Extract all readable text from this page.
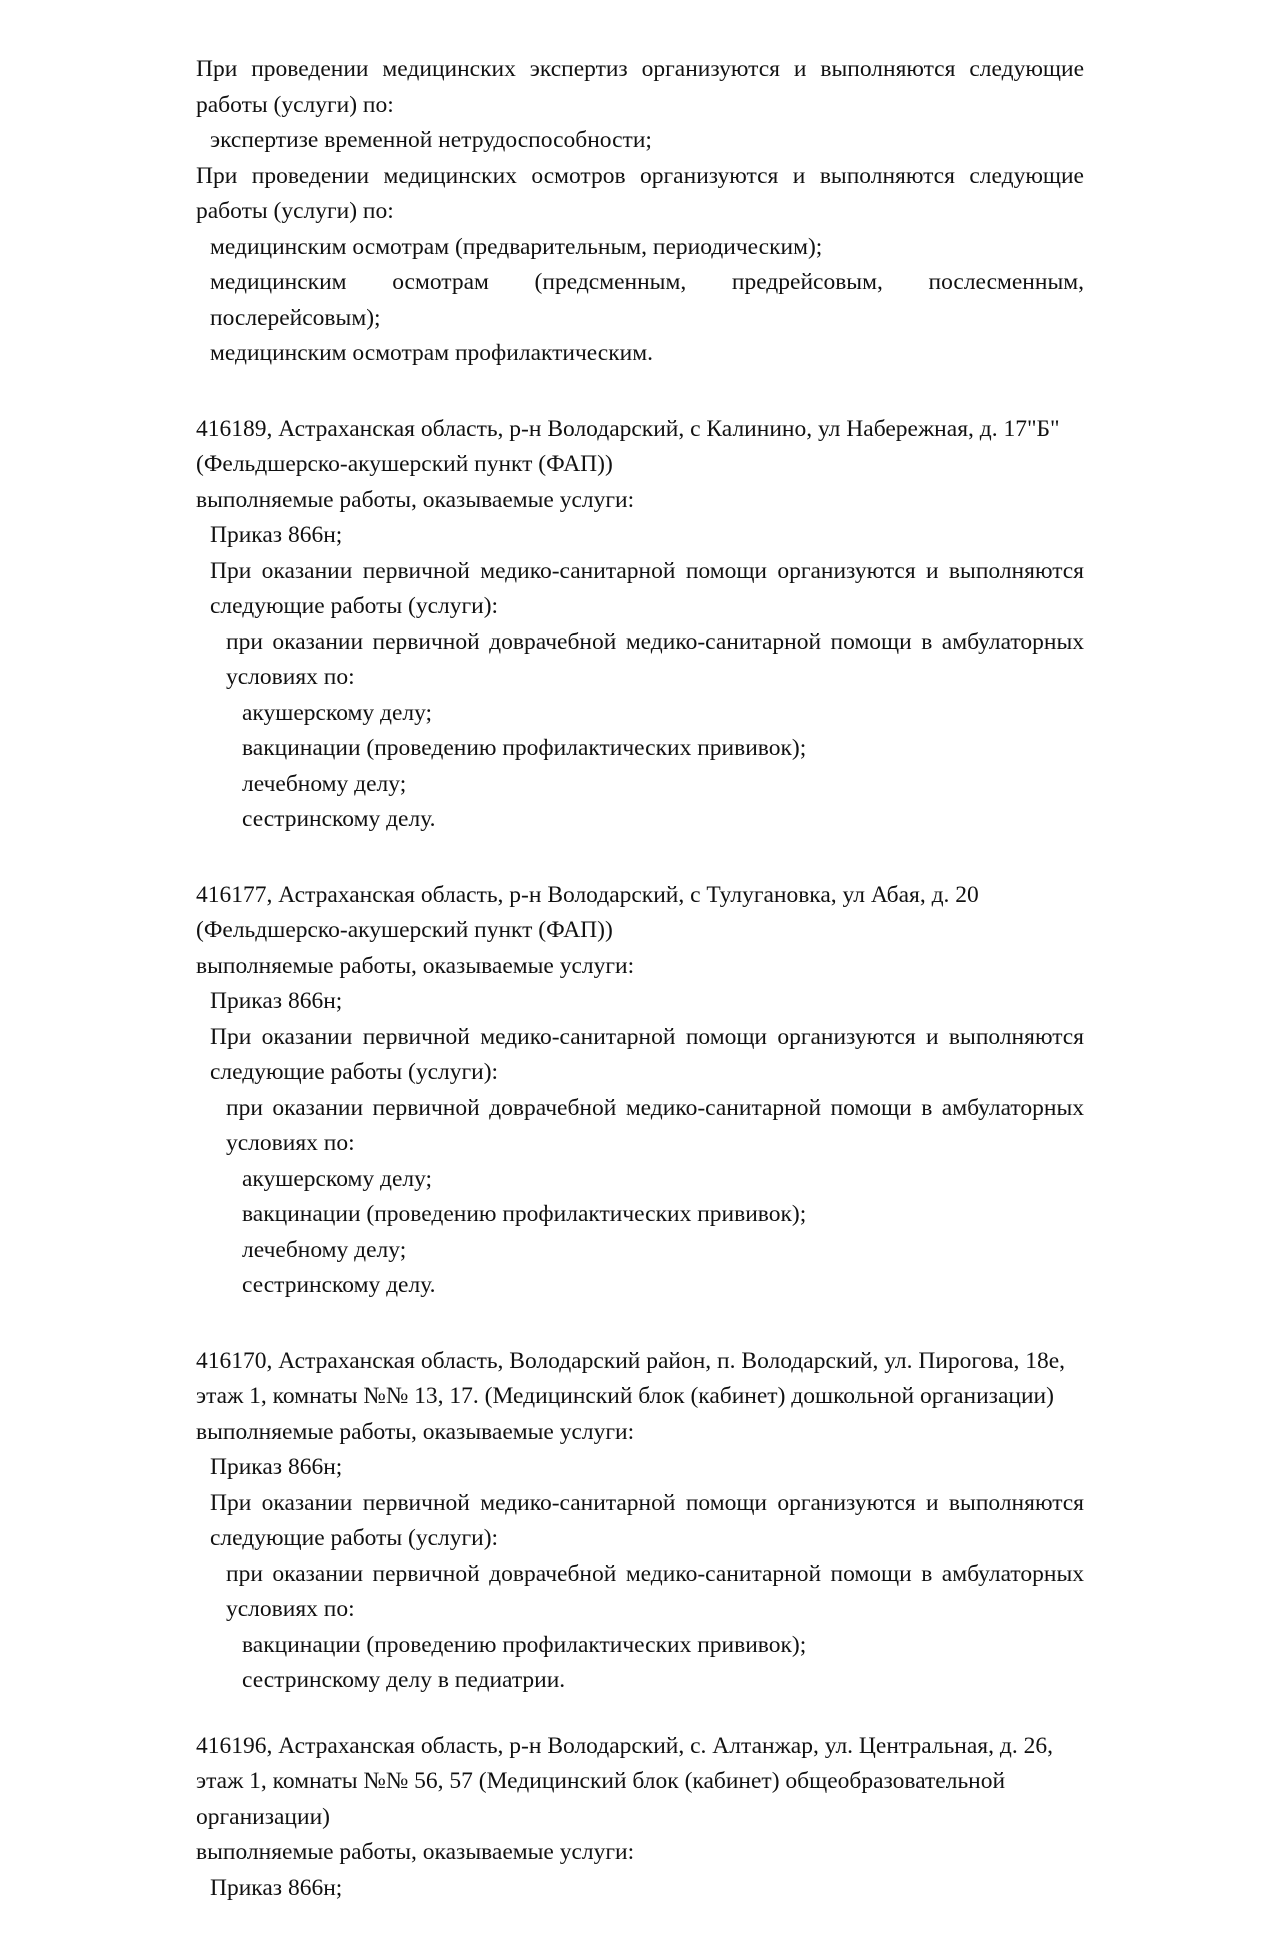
При проведении медицинских экспертиз организуются и выполняются следующие работы (услуги) по:

экспертизе временной нетрудоспособности;

При проведении медицинских осмотров организуются и выполняются следующие работы (услуги) по:

медицинским осмотрам (предварительным, периодическим);

медицинским осмотрам (предсменным, предрейсовым, послесменным, послерейсовым);

медицинским осмотрам профилактическим.

416189, Астраханская область, р-н Володарский, с Калинино, ул Набережная, д. 17"Б"

(Фельдшерско-акушерский пункт (ФАП))

выполняемые работы, оказываемые услуги:

Приказ 866н;

При оказании первичной медико-санитарной помощи организуются и выполняются следующие работы (услуги):

при оказании первичной доврачебной медико-санитарной помощи в амбулаторных условиях по:

акушерскому делу;

вакцинации (проведению профилактических прививок);

лечебному делу;

сестринскому делу.

416177, Астраханская область, р-н Володарский, с Тулугановка, ул Абая, д. 20

(Фельдшерско-акушерский пункт (ФАП))

выполняемые работы, оказываемые услуги:

Приказ 866н;

При оказании первичной медико-санитарной помощи организуются и выполняются следующие работы (услуги):

при оказании первичной доврачебной медико-санитарной помощи в амбулаторных условиях по:

акушерскому делу;

вакцинации (проведению профилактических прививок);

лечебному делу;

сестринскому делу.

416170, Астраханская область, Володарский район, п. Володарский, ул. Пирогова, 18е,

этаж 1, комнаты №№ 13, 17. (Медицинский блок (кабинет) дошкольной организации)

выполняемые работы, оказываемые услуги:

Приказ 866н;

При оказании первичной медико-санитарной помощи организуются и выполняются следующие работы (услуги):

при оказании первичной доврачебной медико-санитарной помощи в амбулаторных условиях по:

вакцинации (проведению профилактических прививок);

сестринскому делу в педиатрии.

416196, Астраханская область, р-н Володарский, с. Алтанжар, ул. Центральная, д. 26,

этаж 1, комнаты №№ 56, 57 (Медицинский блок (кабинет) общеобразовательной

организации)

выполняемые работы, оказываемые услуги:

Приказ 866н;
